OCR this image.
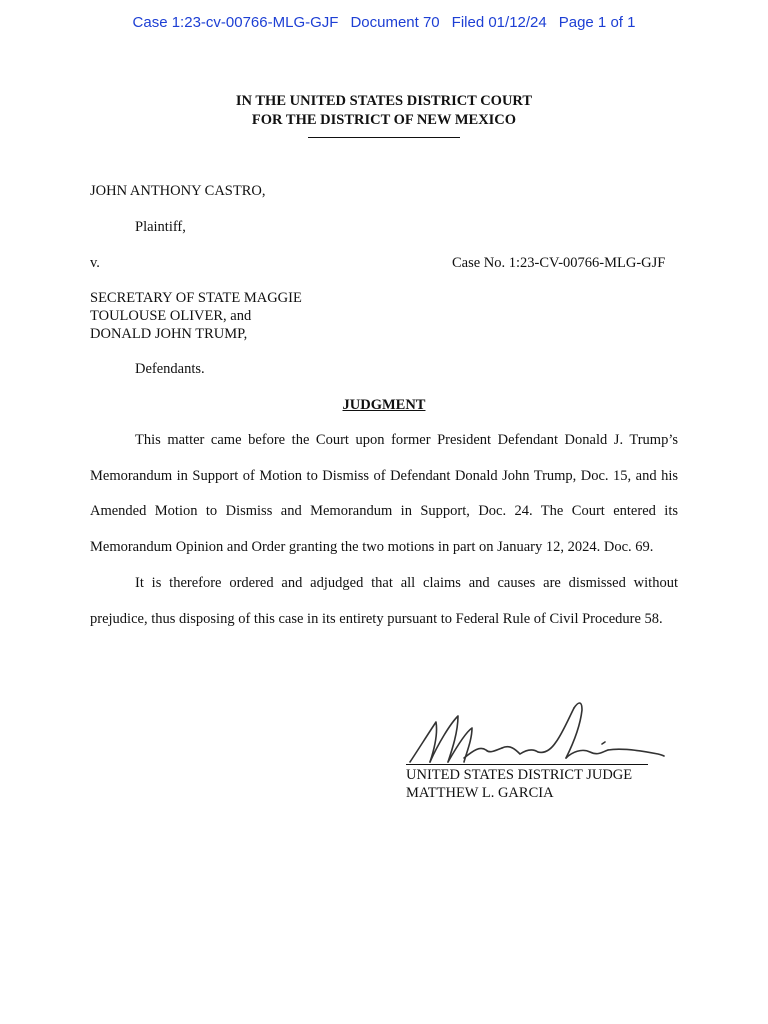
Case 1:23-cv-00766-MLG-GJF Document 70 Filed 01/12/24 Page 1 of 1
IN THE UNITED STATES DISTRICT COURT
FOR THE DISTRICT OF NEW MEXICO
JOHN ANTHONY CASTRO,
Plaintiff,
v.	Case No. 1:23-CV-00766-MLG-GJF
SECRETARY OF STATE MAGGIE
TOULOUSE OLIVER, and
DONALD JOHN TRUMP,
Defendants.
JUDGMENT

This matter came before the Court upon former President Defendant Donald J. Trump’s Memorandum in Support of Motion to Dismiss of Defendant Donald John Trump, Doc. 15, and his Amended Motion to Dismiss and Memorandum in Support, Doc. 24. The Court entered its Memorandum Opinion and Order granting the two motions in part on January 12, 2024. Doc. 69.

It is therefore ordered and adjudged that all claims and causes are dismissed without prejudice, thus disposing of this case in its entirety pursuant to Federal Rule of Civil Procedure 58.

UNITED STATES DISTRICT JUDGE
MATTHEW L. GARCIA
